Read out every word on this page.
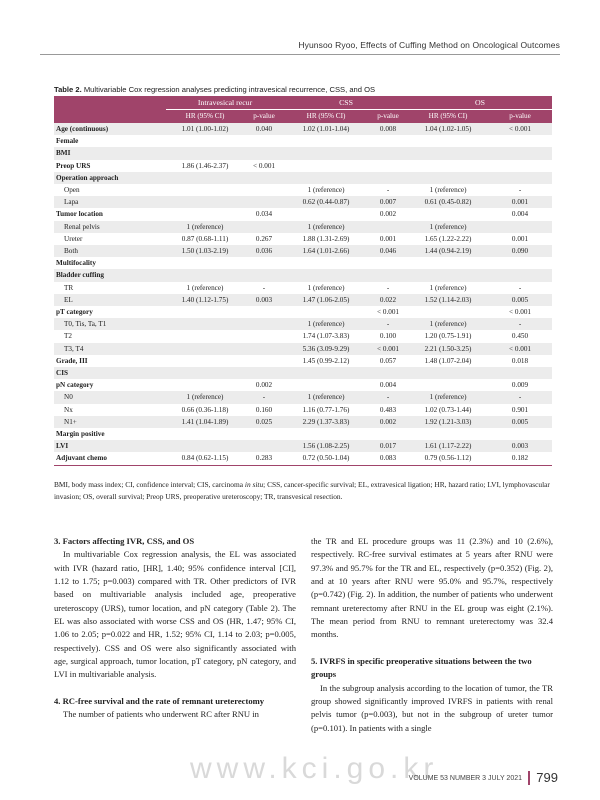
Hyunsoo Ryoo, Effects of Cuffing Method on Oncological Outcomes
Table 2. Multivariable Cox regression analyses predicting intravesical recurrence, CSS, and OS
	Intravesical recur		CSS		OS	
	HR (95% CI)	p-value	HR (95% CI)	p-value	HR (95% CI)	p-value
Age (continuous)	1.01 (1.00-1.02)	0.040	1.02 (1.01-1.04)	0.008	1.04 (1.02-1.05)	< 0.001
Female						
BMI						
Preop URS	1.86 (1.46-2.37)	< 0.001				
Operation approach						
Open			1 (reference)	-	1 (reference)	-
Lapa			0.62 (0.44-0.87)	0.007	0.61 (0.45-0.82)	0.001
Tumor location		0.034		0.002		0.004
Renal pelvis	1 (reference)		1 (reference)		1 (reference)	
Ureter	0.87 (0.68-1.11)	0.267	1.88 (1.31-2.69)	0.001	1.65 (1.22-2.22)	0.001
Both	1.50 (1.03-2.19)	0.036	1.64 (1.01-2.66)	0.046	1.44 (0.94-2.19)	0.090
Multifocality						
Bladder cuffing						
TR	1 (reference)	-	1 (reference)	-	1 (reference)	-
EL	1.40 (1.12-1.75)	0.003	1.47 (1.06-2.05)	0.022	1.52 (1.14-2.03)	0.005
pT category				< 0.001		< 0.001
T0, Tis, Ta, T1			1 (reference)	-	1 (reference)	-
T2			1.74 (1.07-3.83)	0.100	1.20 (0.75-1.91)	0.450
T3, T4			5.36 (3.09-9.29)	< 0.001	2.21 (1.50-3.25)	< 0.001
Grade, III			1.45 (0.99-2.12)	0.057	1.48 (1.07-2.04)	0.018
CIS						
pN category		0.002		0.004		0.009
N0	1 (reference)	-	1 (reference)	-	1 (reference)	-
Nx	0.66 (0.36-1.18)	0.160	1.16 (0.77-1.76)	0.483	1.02 (0.73-1.44)	0.901
N1+	1.41 (1.04-1.89)	0.025	2.29 (1.37-3.83)	0.002	1.92 (1.21-3.03)	0.005
Margin positive						
LVI			1.56 (1.08-2.25)	0.017	1.61 (1.17-2.22)	0.003
Adjuvant chemo	0.84 (0.62-1.15)	0.283	0.72 (0.50-1.04)	0.083	0.79 (0.56-1.12)	0.182
BMI, body mass index; CI, confidence interval; CIS, carcinoma in situ; CSS, cancer-specific survival; EL, extravesical ligation; HR, hazard ratio; LVI, lymphovascular invasion; OS, overall survival; Preop URS, preoperative ureteroscopy; TR, transvesical resection.
3. Factors affecting IVR, CSS, and OS

In multivariable Cox regression analysis, the EL was associated with IVR (hazard ratio, [HR], 1.40; 95% confidence interval [CI], 1.12 to 1.75; p=0.003) compared with TR. Other predictors of IVR based on multivariable analysis included age, preoperative ureteroscopy (URS), tumor location, and pN category (Table 2). The EL was also associated with worse CSS and OS (HR, 1.47; 95% CI, 1.06 to 2.05; p=0.022 and HR, 1.52; 95% CI, 1.14 to 2.03; p=0.005, respectively). CSS and OS were also significantly associated with age, surgical approach, tumor location, pT category, pN category, and LVI in multivariable analysis.

4. RC-free survival and the rate of remnant ureterectomy

The number of patients who underwent RC after RNU in

the TR and EL procedure groups was 11 (2.3%) and 10 (2.6%), respectively. RC-free survival estimates at 5 years after RNU were 97.3% and 95.7% for the TR and EL, respectively (p=0.352) (Fig. 2), and at 10 years after RNU were 95.0% and 95.7%, respectively (p=0.742) (Fig. 2). In addition, the number of patients who underwent remnant ureterectomy after RNU in the EL group was eight (2.1%). The mean period from RNU to remnant ureterectomy was 32.4 months.

5. IVRFS in specific preoperative situations between the two groups

In the subgroup analysis according to the location of tumor, the TR group showed significantly improved IVRFS in patients with renal pelvis tumor (p=0.003), but not in the subgroup of ureter tumor (p=0.101). In patients with a single

www.kci.go.kr
VOLUME 53 NUMBER 3 JULY 2021 799
